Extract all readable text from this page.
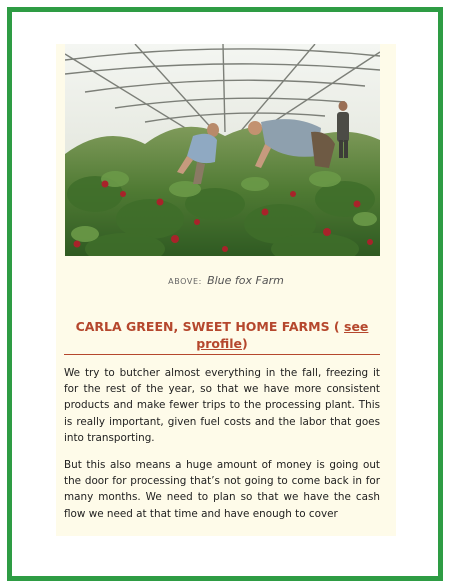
ABOVE: Blue fox Farm
CARLA GREEN, SWEET HOME FARMS ( see
profile)

We try to butcher almost everything in the fall, freezing it for the rest of the year, so that we have more consistent products and make fewer trips to the processing plant. This is really important, given fuel costs and the labor that goes into transporting.

But this also means a huge amount of money is going out the door for processing that’s not going to come back in for many months. We need to plan so that we have the cash flow we need at that time and have enough to cover
